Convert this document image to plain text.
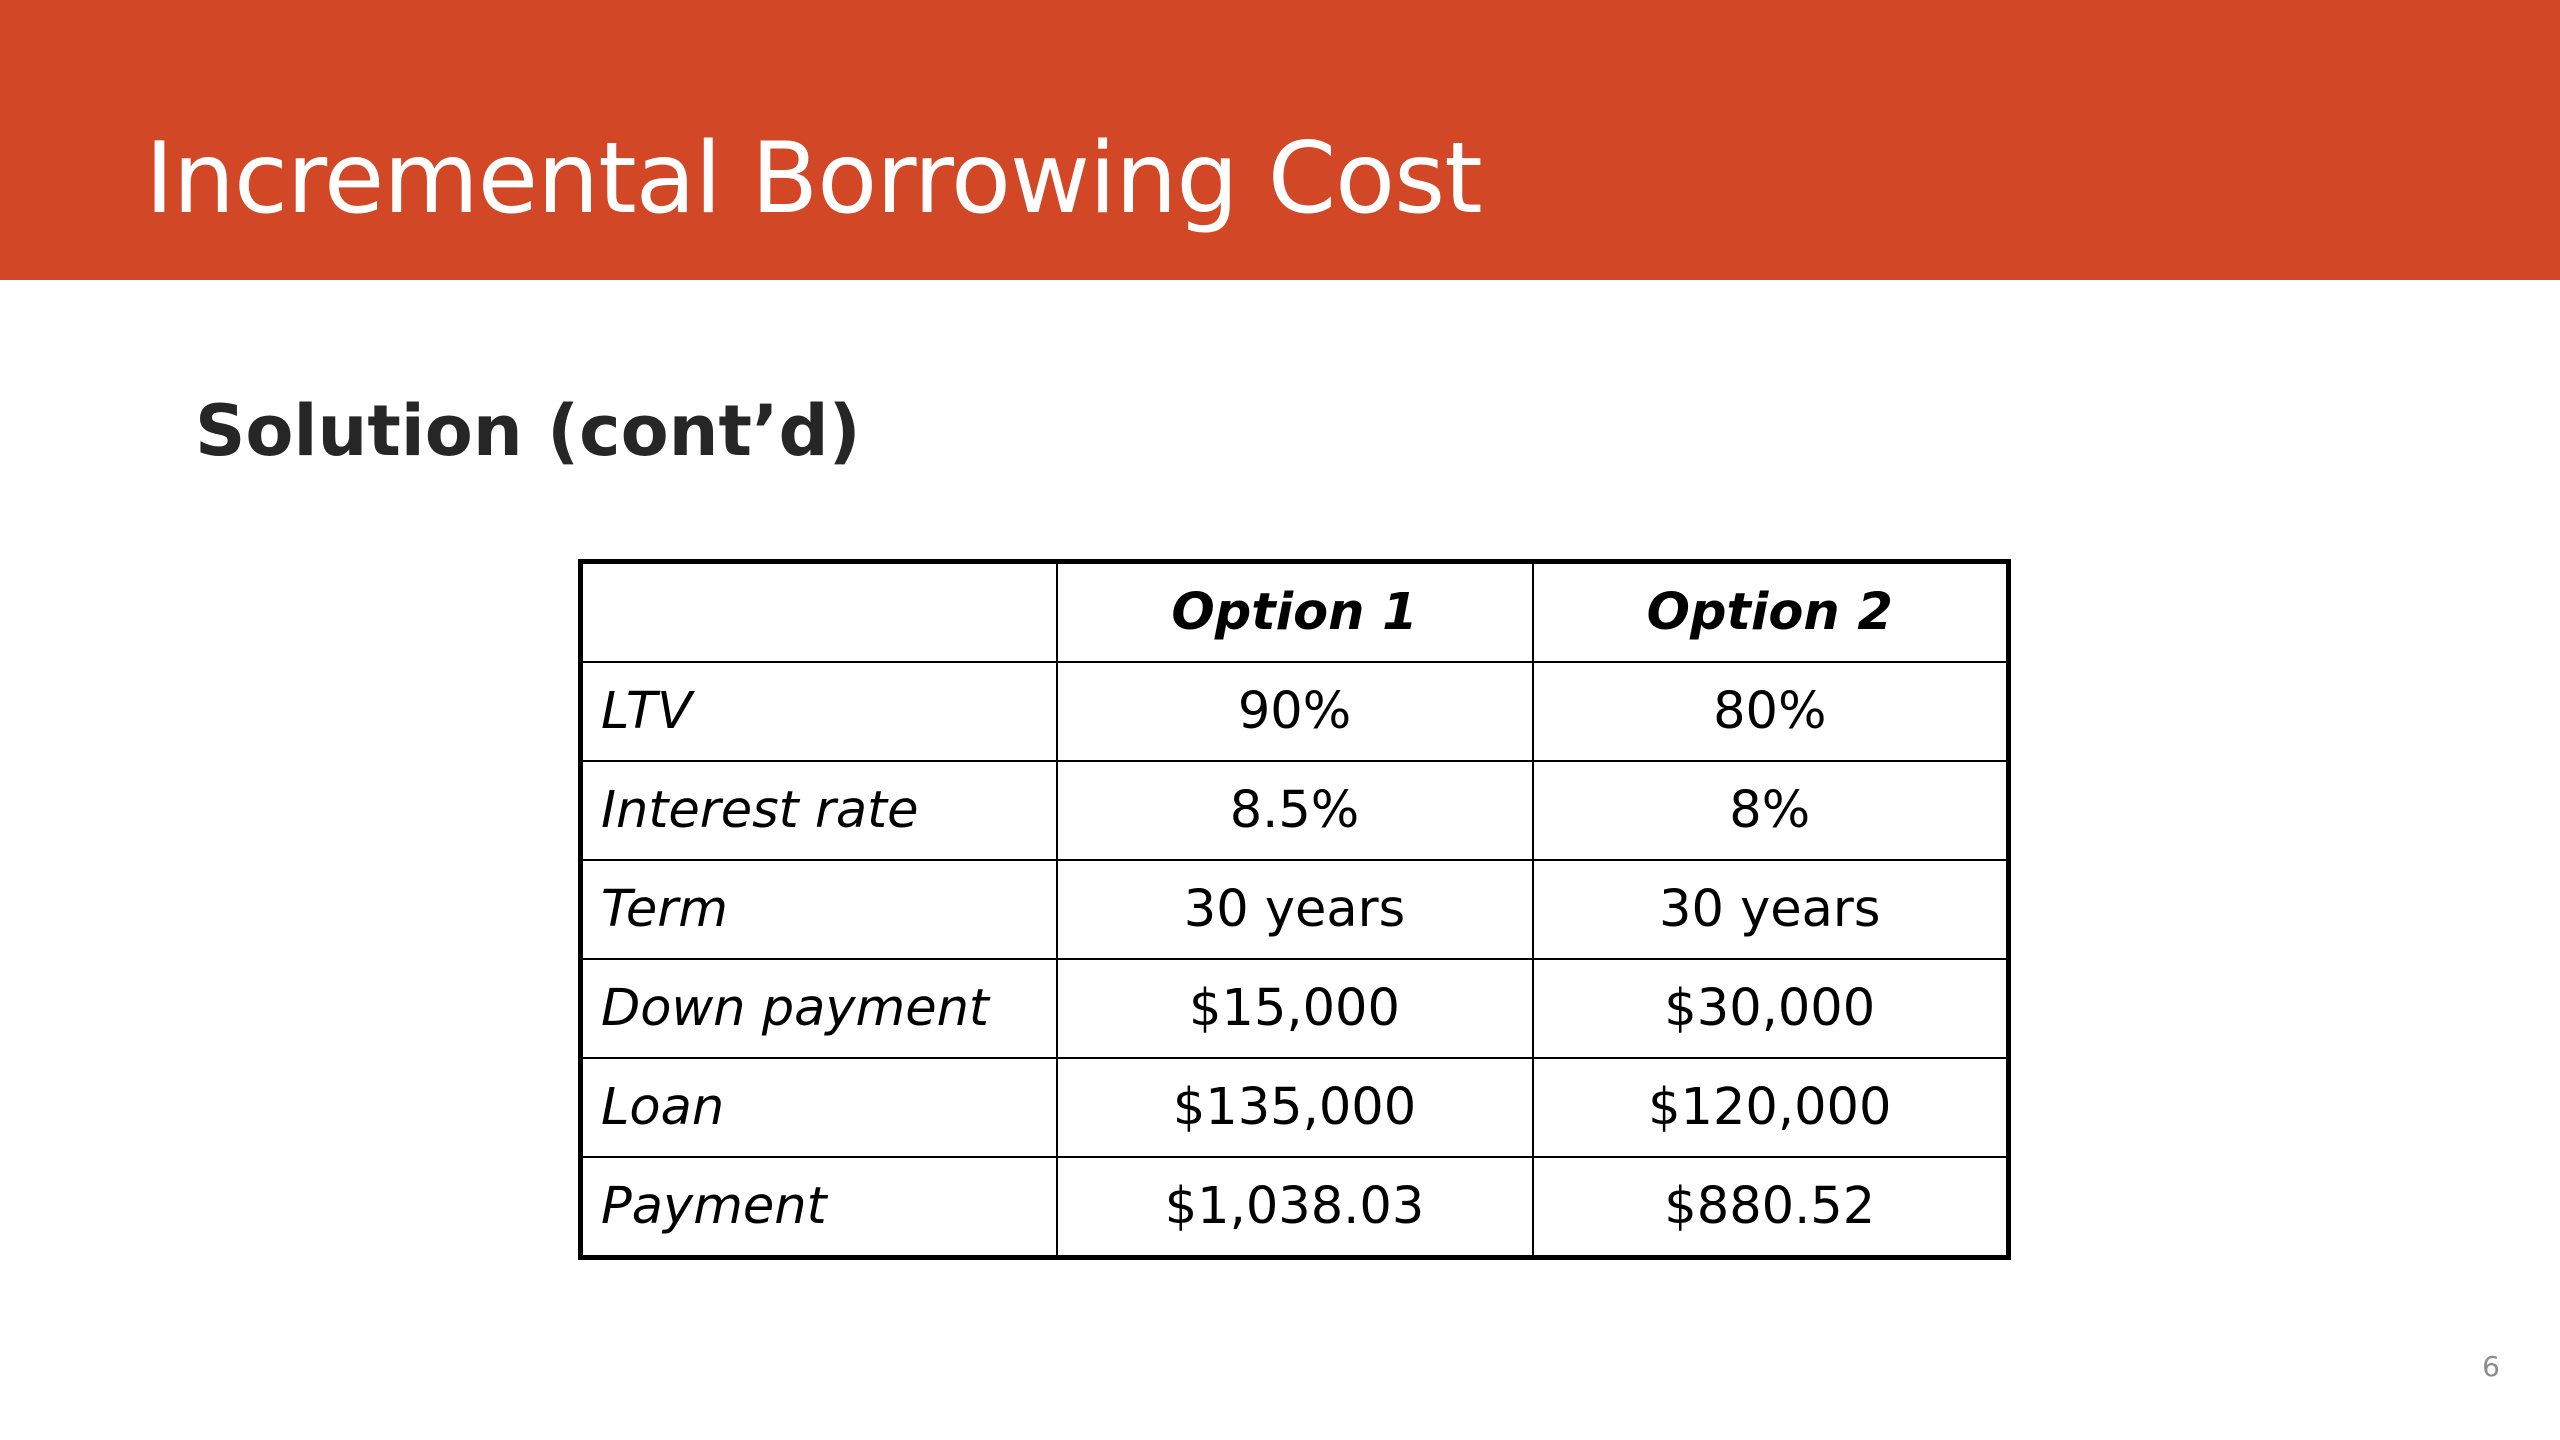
Incremental Borrowing Cost
Solution (cont’d)
	Option 1	Option 2
LTV	90%	80%
Interest rate	8.5%	8%
Term	30 years	30 years
Down payment	$15,000	$30,000
Loan	$135,000	$120,000
Payment	$1,038.03	$880.52
6
